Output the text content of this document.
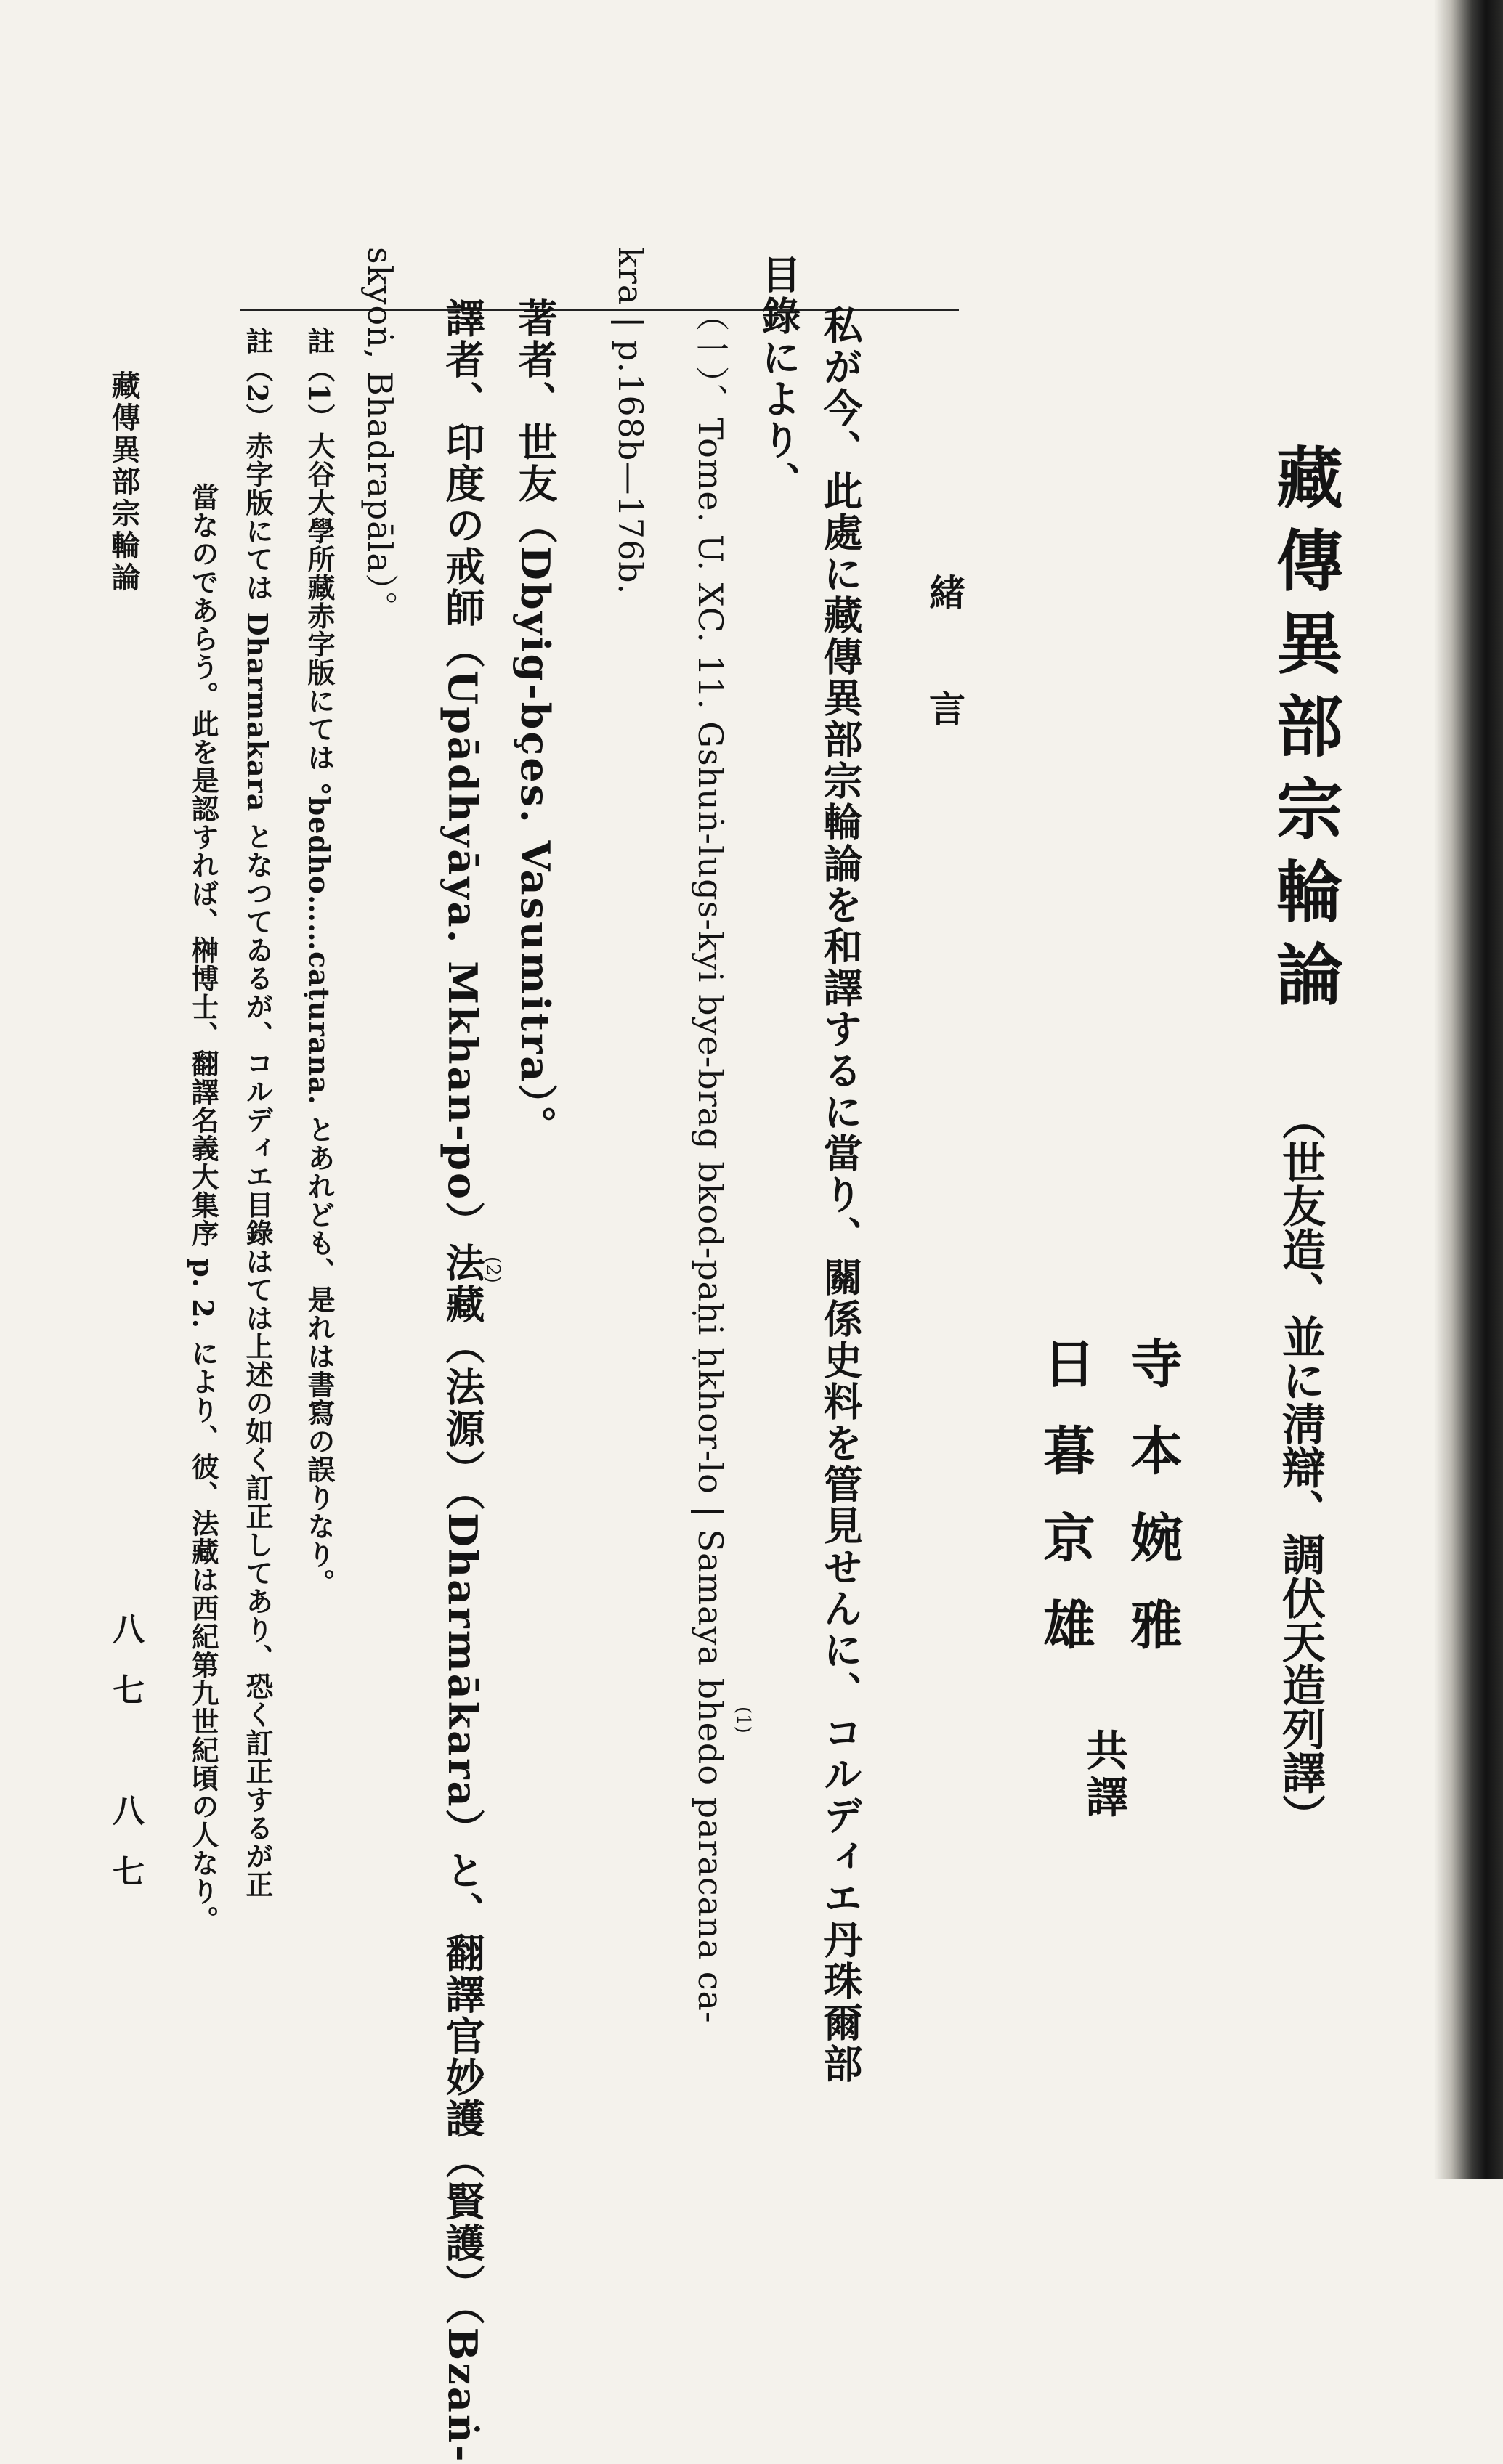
藏傳異部宗輪論
（世友造、並に淸辯、調伏天造列譯）
寺本婉雅
日暮京雄
共譯
緒言
私が今、此處に藏傳異部宗輪論を和譯するに當り、關係史料を管見せんに、コルディエ丹珠爾部
目錄により、
（一）、Tome. U. XC. 11. Gshuṅ-lugs-kyi bye-brag bkod-paḥi ḥkhor-lo | Samaya bhedo paracana ca- (1)
kra | p.168b—176b.
著者、世友（Dbyig-bçes. Vasumitra）。
譯者、印度の戒師（Upādhyāya. Mkhan-po）法藏（法源）（Dharmākara）と、翻譯官妙護（賢護）（Bzaṅ-
(2)
skyoṅ, Bhadrapāla）。
註（1）大谷大學所藏赤字版にては °bedho……caṭurana. とあれども、是れは書寫の誤りなり。
註（2）赤字版にては Dharmakara となつてゐるが、コルディエ目錄はては上述の如く訂正してあり、恐く訂正するが正
當なのであらう。此を是認すれば、榊博士、翻譯名義大集序 p. 2. により、彼、法藏は西紀第九世紀頃の人なり。
藏傳異部宗輪論
八七
八七
